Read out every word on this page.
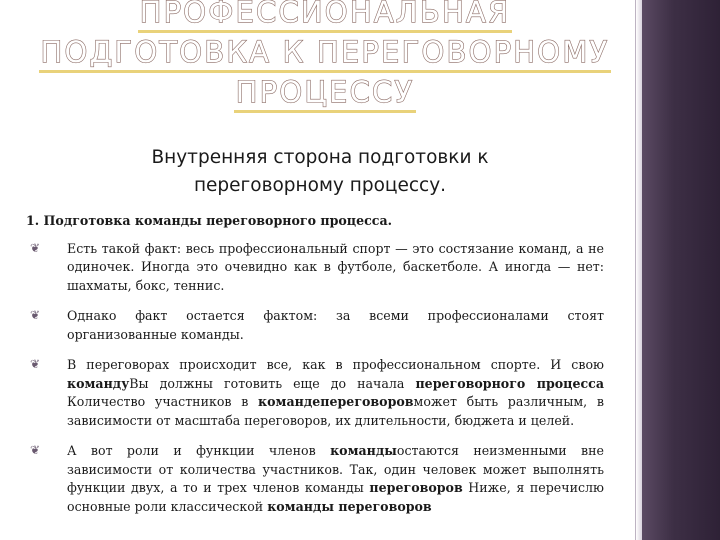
ПРОФЕССИОНАЛЬНАЯ
ПОДГОТОВКА К ПЕРЕГОВОРНОМУ
ПРОЦЕССУ
Внутренняя сторона подготовки к
переговорному процессу.
1. Подготовка команды переговорного процесса.
❦ Есть такой факт: весь профессиональный спорт — это состязание команд, а не одиночек. Иногда это очевидно как в футболе, баскетболе. А иногда — нет: шахматы, бокс, теннис.
❦ Однако факт остается фактом: за всеми профессионалами стоят организованные команды.
❦ В переговорах происходит все, как в профессиональном спорте. И свою командуВы должны готовить еще до начала переговорного процесса Количество участников в командепереговоровможет быть различным, в зависимости от масштаба переговоров, их длительности, бюджета и целей.
❦ А вот роли и функции членов командыостаются неизменными вне зависимости от количества участников. Так, один человек может выполнять функции двух, а то и трех членов команды переговоров Ниже, я перечислю основные роли классической команды переговоров
